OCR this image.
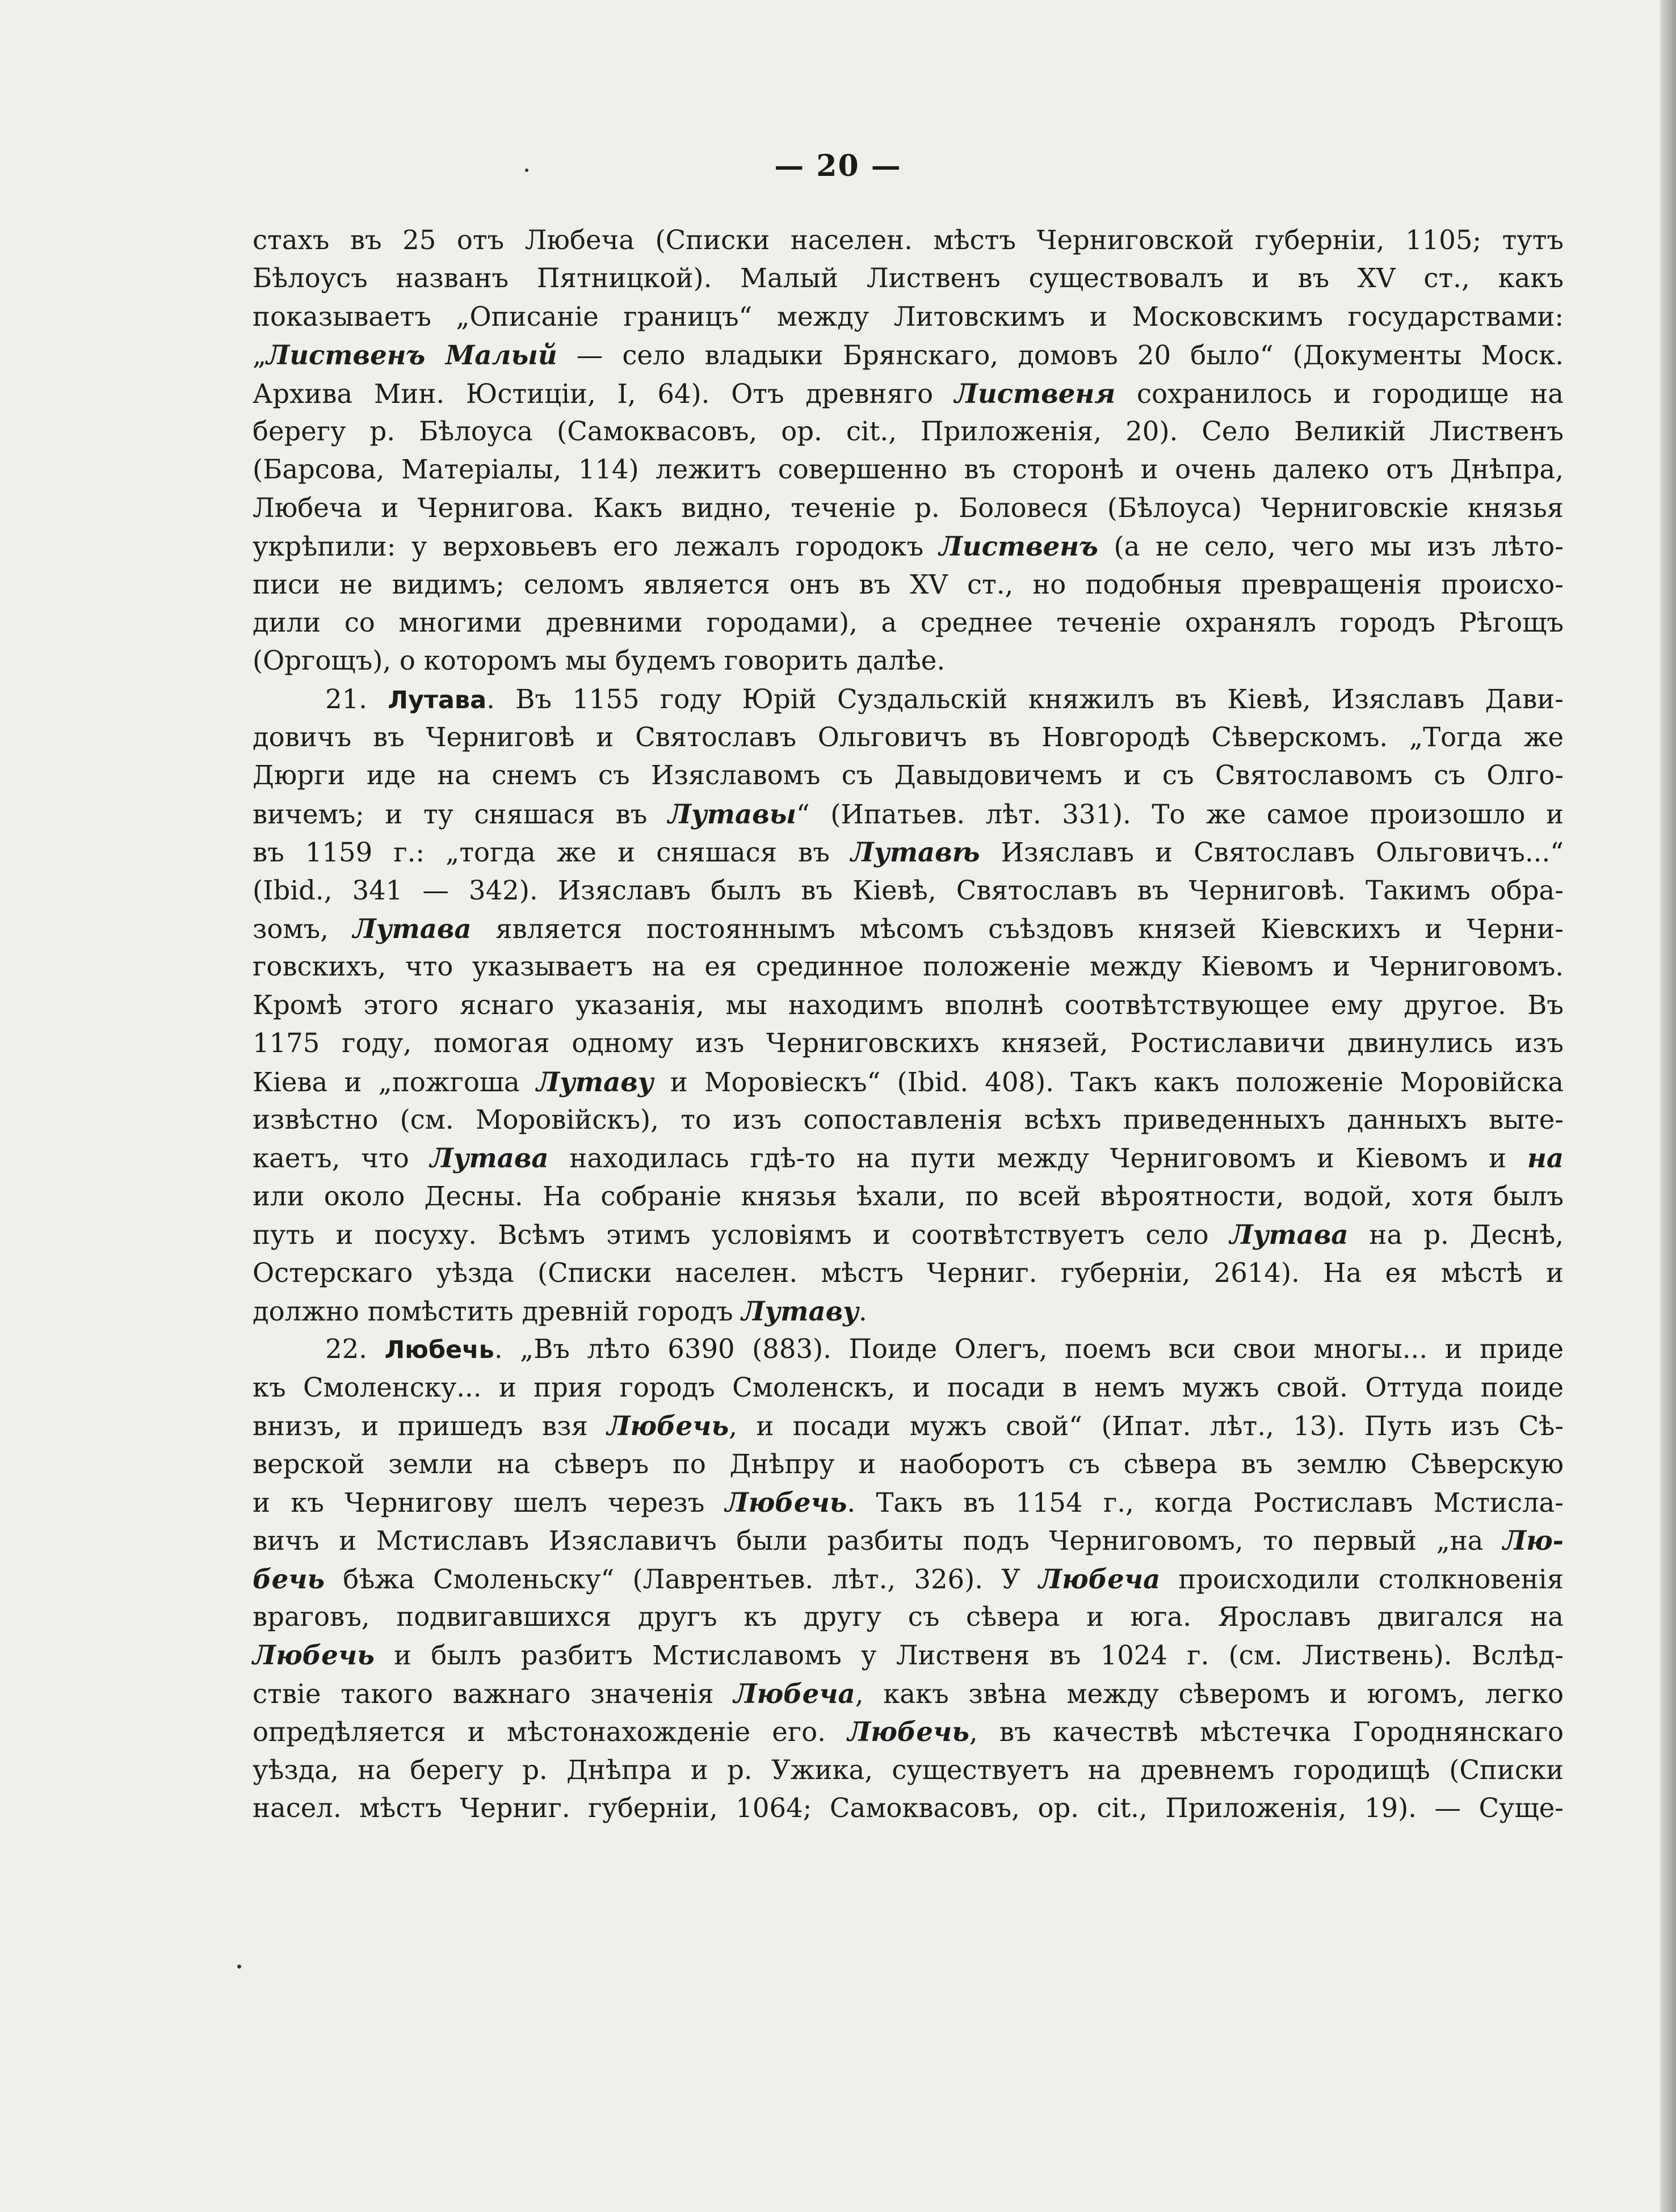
— 20 —
стахъ въ 25 отъ Любеча (Списки населен. мѣстъ Черниговской губерніи, 1105; тутъ
Бѣлоусъ названъ Пятницкой). Малый Лиственъ существовалъ и въ XV ст., какъ
показываетъ „Описаніе границъ“ между Литовскимъ и Московскимъ государствами:
„Лиственъ Малый — село владыки Брянскаго, домовъ 20 было“ (Документы Моск.
Архива Мин. Юстиціи, I, 64). Отъ древняго Лиственя сохранилось и городище на
берегу р. Бѣлоуса (Самоквасовъ, op. cit., Приложенія, 20). Село Великій Лиственъ
(Барсова, Матеріалы, 114) лежитъ совершенно въ сторонѣ и очень далеко отъ Днѣпра,
Любеча и Чернигова. Какъ видно, теченіе р. Боловеся (Бѣлоуса) Черниговскіе князья
укрѣпили: у верховьевъ его лежалъ городокъ Лиственъ (а не село, чего мы изъ лѣто-
писи не видимъ; селомъ является онъ въ XV ст., но подобныя превращенія происхо-
дили со многими древними городами), а среднее теченіе охранялъ городъ Рѣгощъ
(Оргощъ), о которомъ мы будемъ говорить далѣе.
21. Лутава. Въ 1155 году Юрій Суздальскій княжилъ въ Кіевѣ, Изяславъ Дави-
довичъ въ Черниговѣ и Святославъ Ольговичъ въ Новгородѣ Сѣверскомъ. „Тогда же
Дюрги иде на снемъ съ Изяславомъ съ Давыдовичемъ и съ Святославомъ съ Олго-
вичемъ; и ту сняшася въ Лутавы“ (Ипатьев. лѣт. 331). То же самое произошло и
въ 1159 г.: „тогда же и сняшася въ Лутавѣ Изяславъ и Святославъ Ольговичъ...“
(Ibid., 341 — 342). Изяславъ былъ въ Кіевѣ, Святославъ въ Черниговѣ. Такимъ обра-
зомъ, Лутава является постояннымъ мѣсомъ съѣздовъ князей Кіевскихъ и Черни-
говскихъ, что указываетъ на ея срединное положеніе между Кіевомъ и Черниговомъ.
Кромѣ этого яснаго указанія, мы находимъ вполнѣ соотвѣтствующее ему другое. Въ
1175 году, помогая одному изъ Черниговскихъ князей, Ростиславичи двинулись изъ
Кіева и „пожгоша Лутаву и Моровіескъ“ (Ibid. 408). Такъ какъ положеніе Моровійска
извѣстно (см. Моровійскъ), то изъ сопоставленія всѣхъ приведенныхъ данныхъ выте-
каетъ, что Лутава находилась гдѣ-то на пути между Черниговомъ и Кіевомъ и на
или около Десны. На собраніе князья ѣхали, по всей вѣроятности, водой, хотя былъ
путь и посуху. Всѣмъ этимъ условіямъ и соотвѣтствуетъ село Лутава на р. Деснѣ,
Остерскаго уѣзда (Списки населен. мѣстъ Черниг. губерніи, 2614). На ея мѣстѣ и
должно помѣстить древній городъ Лутаву.
22. Любечь. „Въ лѣто 6390 (883). Поиде Олегъ, поемъ вси свои многы... и приде
къ Смоленску... и прия городъ Смоленскъ, и посади в немъ мужъ свой. Оттуда поиде
внизъ, и пришедъ взя Любечь, и посади мужъ свой“ (Ипат. лѣт., 13). Путь изъ Сѣ-
верской земли на сѣверъ по Днѣпру и наоборотъ съ сѣвера въ землю Сѣверскую
и къ Чернигову шелъ черезъ Любечь. Такъ въ 1154 г., когда Ростиславъ Мстисла-
вичъ и Мстиславъ Изяславичъ были разбиты подъ Черниговомъ, то первый „на Лю-
бечь бѣжа Смоленьску“ (Лаврентьев. лѣт., 326). У Любеча происходили столкновенія
враговъ, подвигавшихся другъ къ другу съ сѣвера и юга. Ярославъ двигался на
Любечь и былъ разбитъ Мстиславомъ у Лиственя въ 1024 г. (см. Листвень). Вслѣд-
ствіе такого важнаго значенія Любеча, какъ звѣна между сѣверомъ и югомъ, легко
опредѣляется и мѣстонахожденіе его. Любечь, въ качествѣ мѣстечка Городнянскаго
уѣзда, на берегу р. Днѣпра и р. Ужика, существуетъ на древнемъ городищѣ (Списки
насел. мѣстъ Черниг. губерніи, 1064; Самоквасовъ, op. cit., Приложенія, 19). — Суще-
